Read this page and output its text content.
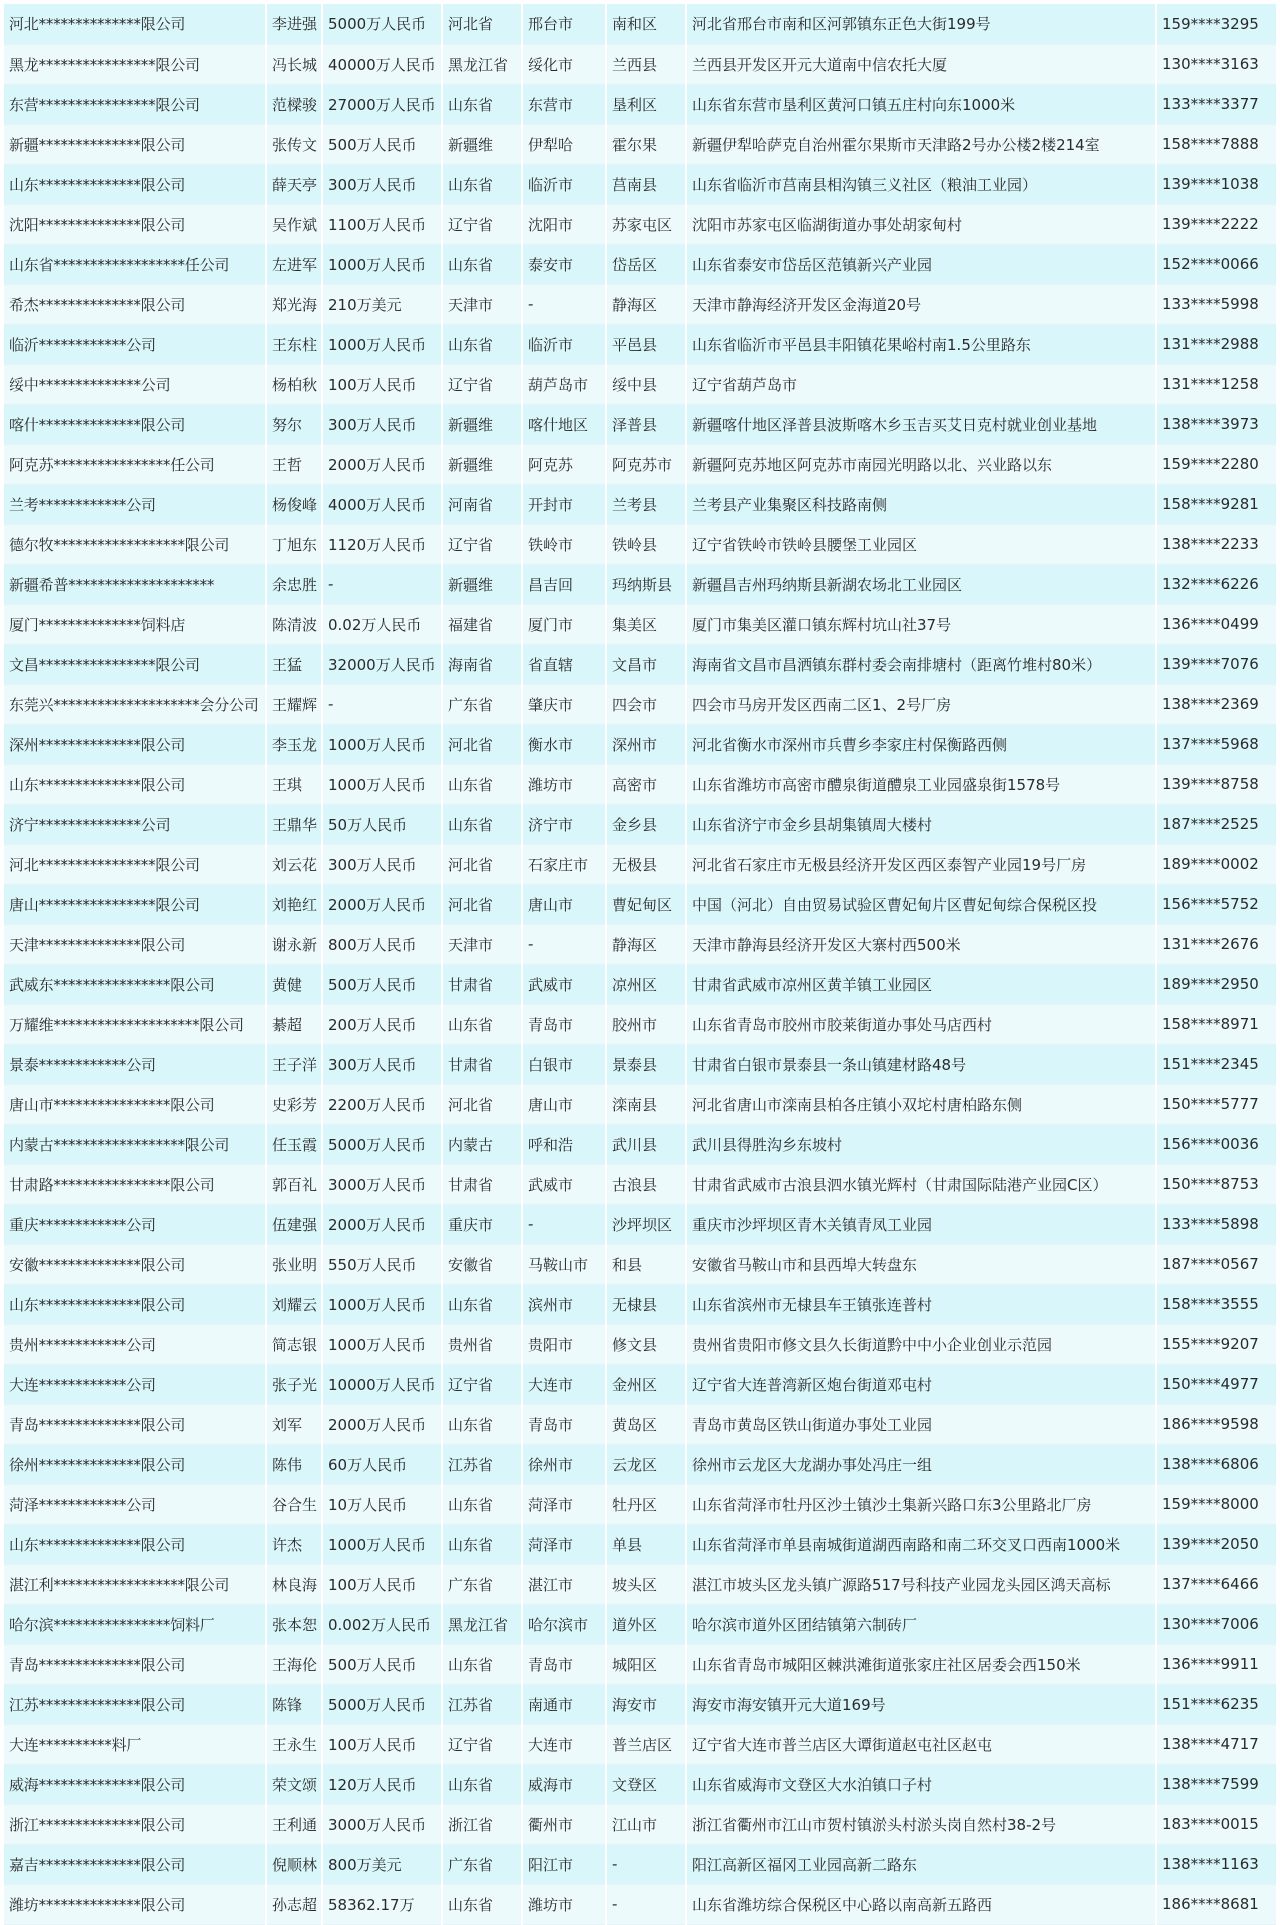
河北**************限公司	李进强	5000万人民币	河北省	邢台市	南和区	河北省邢台市南和区河郭镇东正色大街199号	159****3295
黑龙****************限公司	冯长城	40000万人民币	黑龙江省	绥化市	兰西县	兰西县开发区开元大道南中信农托大厦	130****3163
东营****************限公司	范樑骏	27000万人民币	山东省	东营市	垦利区	山东省东营市垦利区黄河口镇五庄村向东1000米	133****3377
新疆**************限公司	张传文	500万人民币	新疆维	伊犁哈	霍尔果	新疆伊犁哈萨克自治州霍尔果斯市天津路2号办公楼2楼214室	158****7888
山东**************限公司	薛天亭	300万人民币	山东省	临沂市	莒南县	山东省临沂市莒南县相沟镇三义社区（粮油工业园）	139****1038
沈阳**************限公司	吴作斌	1100万人民币	辽宁省	沈阳市	苏家屯区	沈阳市苏家屯区临湖街道办事处胡家甸村	139****2222
山东省******************任公司	左进军	1000万人民币	山东省	泰安市	岱岳区	山东省泰安市岱岳区范镇新兴产业园	152****0066
希杰**************限公司	郑光海	210万美元	天津市	-	静海区	天津市静海经济开发区金海道20号	133****5998
临沂************公司	王东柱	1000万人民币	山东省	临沂市	平邑县	山东省临沂市平邑县丰阳镇花果峪村南1.5公里路东	131****2988
绥中**************公司	杨柏秋	100万人民币	辽宁省	葫芦岛市	绥中县	辽宁省葫芦岛市	131****1258
喀什**************限公司	努尔	300万人民币	新疆维	喀什地区	泽普县	新疆喀什地区泽普县波斯喀木乡玉吉买艾日克村就业创业基地	138****3973
阿克苏****************任公司	王哲	2000万人民币	新疆维	阿克苏	阿克苏市	新疆阿克苏地区阿克苏市南园光明路以北、兴业路以东	159****2280
兰考************公司	杨俊峰	4000万人民币	河南省	开封市	兰考县	兰考县产业集聚区科技路南侧	158****9281
德尔牧******************限公司	丁旭东	1120万人民币	辽宁省	铁岭市	铁岭县	辽宁省铁岭市铁岭县腰堡工业园区	138****2233
新疆希普********************	余忠胜	-	新疆维	昌吉回	玛纳斯县	新疆昌吉州玛纳斯县新湖农场北工业园区	132****6226
厦门**************饲料店	陈清波	0.02万人民币	福建省	厦门市	集美区	厦门市集美区灌口镇东辉村坑山社37号	136****0499
文昌****************限公司	王猛	32000万人民币	海南省	省直辖	文昌市	海南省文昌市昌洒镇东群村委会南排塘村（距离竹堆村80米）	139****7076
东莞兴********************会分公司	王耀辉	-	广东省	肇庆市	四会市	四会市马房开发区西南二区1、2号厂房	138****2369
深州**************限公司	李玉龙	1000万人民币	河北省	衡水市	深州市	河北省衡水市深州市兵曹乡李家庄村保衡路西侧	137****5968
山东**************限公司	王琪	1000万人民币	山东省	潍坊市	高密市	山东省潍坊市高密市醴泉街道醴泉工业园盛泉街1578号	139****8758
济宁**************公司	王鼎华	50万人民币	山东省	济宁市	金乡县	山东省济宁市金乡县胡集镇周大楼村	187****2525
河北****************限公司	刘云花	300万人民币	河北省	石家庄市	无极县	河北省石家庄市无极县经济开发区西区泰智产业园19号厂房	189****0002
唐山****************限公司	刘艳红	2000万人民币	河北省	唐山市	曹妃甸区	中国（河北）自由贸易试验区曹妃甸片区曹妃甸综合保税区投	156****5752
天津**************限公司	谢永新	800万人民币	天津市	-	静海区	天津市静海县经济开发区大寨村西500米	131****2676
武威东****************限公司	黄健	500万人民币	甘肃省	武威市	凉州区	甘肃省武威市凉州区黄羊镇工业园区	189****2950
万耀维********************限公司	綦超	200万人民币	山东省	青岛市	胶州市	山东省青岛市胶州市胶莱街道办事处马店西村	158****8971
景泰************公司	王子洋	300万人民币	甘肃省	白银市	景泰县	甘肃省白银市景泰县一条山镇建材路48号	151****2345
唐山市****************限公司	史彩芳	2200万人民币	河北省	唐山市	滦南县	河北省唐山市滦南县柏各庄镇小双坨村唐柏路东侧	150****5777
内蒙古******************限公司	任玉霞	5000万人民币	内蒙古	呼和浩	武川县	武川县得胜沟乡东坡村	156****0036
甘肃路****************限公司	郭百礼	3000万人民币	甘肃省	武威市	古浪县	甘肃省武威市古浪县泗水镇光辉村（甘肃国际陆港产业园C区）	150****8753
重庆************公司	伍建强	2000万人民币	重庆市	-	沙坪坝区	重庆市沙坪坝区青木关镇青凤工业园	133****5898
安徽**************限公司	张业明	550万人民币	安徽省	马鞍山市	和县	安徽省马鞍山市和县西埠大转盘东	187****0567
山东**************限公司	刘耀云	1000万人民币	山东省	滨州市	无棣县	山东省滨州市无棣县车王镇张连普村	158****3555
贵州************公司	简志银	1000万人民币	贵州省	贵阳市	修文县	贵州省贵阳市修文县久长街道黔中中小企业创业示范园	155****9207
大连************公司	张子光	10000万人民币	辽宁省	大连市	金州区	辽宁省大连普湾新区炮台街道邓屯村	150****4977
青岛**************限公司	刘军	2000万人民币	山东省	青岛市	黄岛区	青岛市黄岛区铁山街道办事处工业园	186****9598
徐州**************限公司	陈伟	60万人民币	江苏省	徐州市	云龙区	徐州市云龙区大龙湖办事处冯庄一组	138****6806
菏泽************公司	谷合生	10万人民币	山东省	菏泽市	牡丹区	山东省菏泽市牡丹区沙土镇沙土集新兴路口东3公里路北厂房	159****8000
山东**************限公司	许杰	1000万人民币	山东省	菏泽市	单县	山东省菏泽市单县南城街道湖西南路和南二环交叉口西南1000米	139****2050
湛江利******************限公司	林良海	100万人民币	广东省	湛江市	坡头区	湛江市坡头区龙头镇广源路517号科技产业园龙头园区鸿天高标	137****6466
哈尔滨****************饲料厂	张本恕	0.002万人民币	黑龙江省	哈尔滨市	道外区	哈尔滨市道外区团结镇第六制砖厂	130****7006
青岛**************限公司	王海伦	500万人民币	山东省	青岛市	城阳区	山东省青岛市城阳区棘洪滩街道张家庄社区居委会西150米	136****9911
江苏**************限公司	陈锋	5000万人民币	江苏省	南通市	海安市	海安市海安镇开元大道169号	151****6235
大连**********料厂	王永生	100万人民币	辽宁省	大连市	普兰店区	辽宁省大连市普兰店区大谭街道赵屯社区赵屯	138****4717
威海**************限公司	荣文颂	120万人民币	山东省	威海市	文登区	山东省威海市文登区大水泊镇口子村	138****7599
浙江**************限公司	王利通	3000万人民币	浙江省	衢州市	江山市	浙江省衢州市江山市贺村镇淤头村淤头岗自然村38-2号	183****0015
嘉吉**************限公司	倪顺林	800万美元	广东省	阳江市	-	阳江高新区福冈工业园高新二路东	138****1163
潍坊**************限公司	孙志超	58362.17万	山东省	潍坊市	-	山东省潍坊综合保税区中心路以南高新五路西	186****8681
